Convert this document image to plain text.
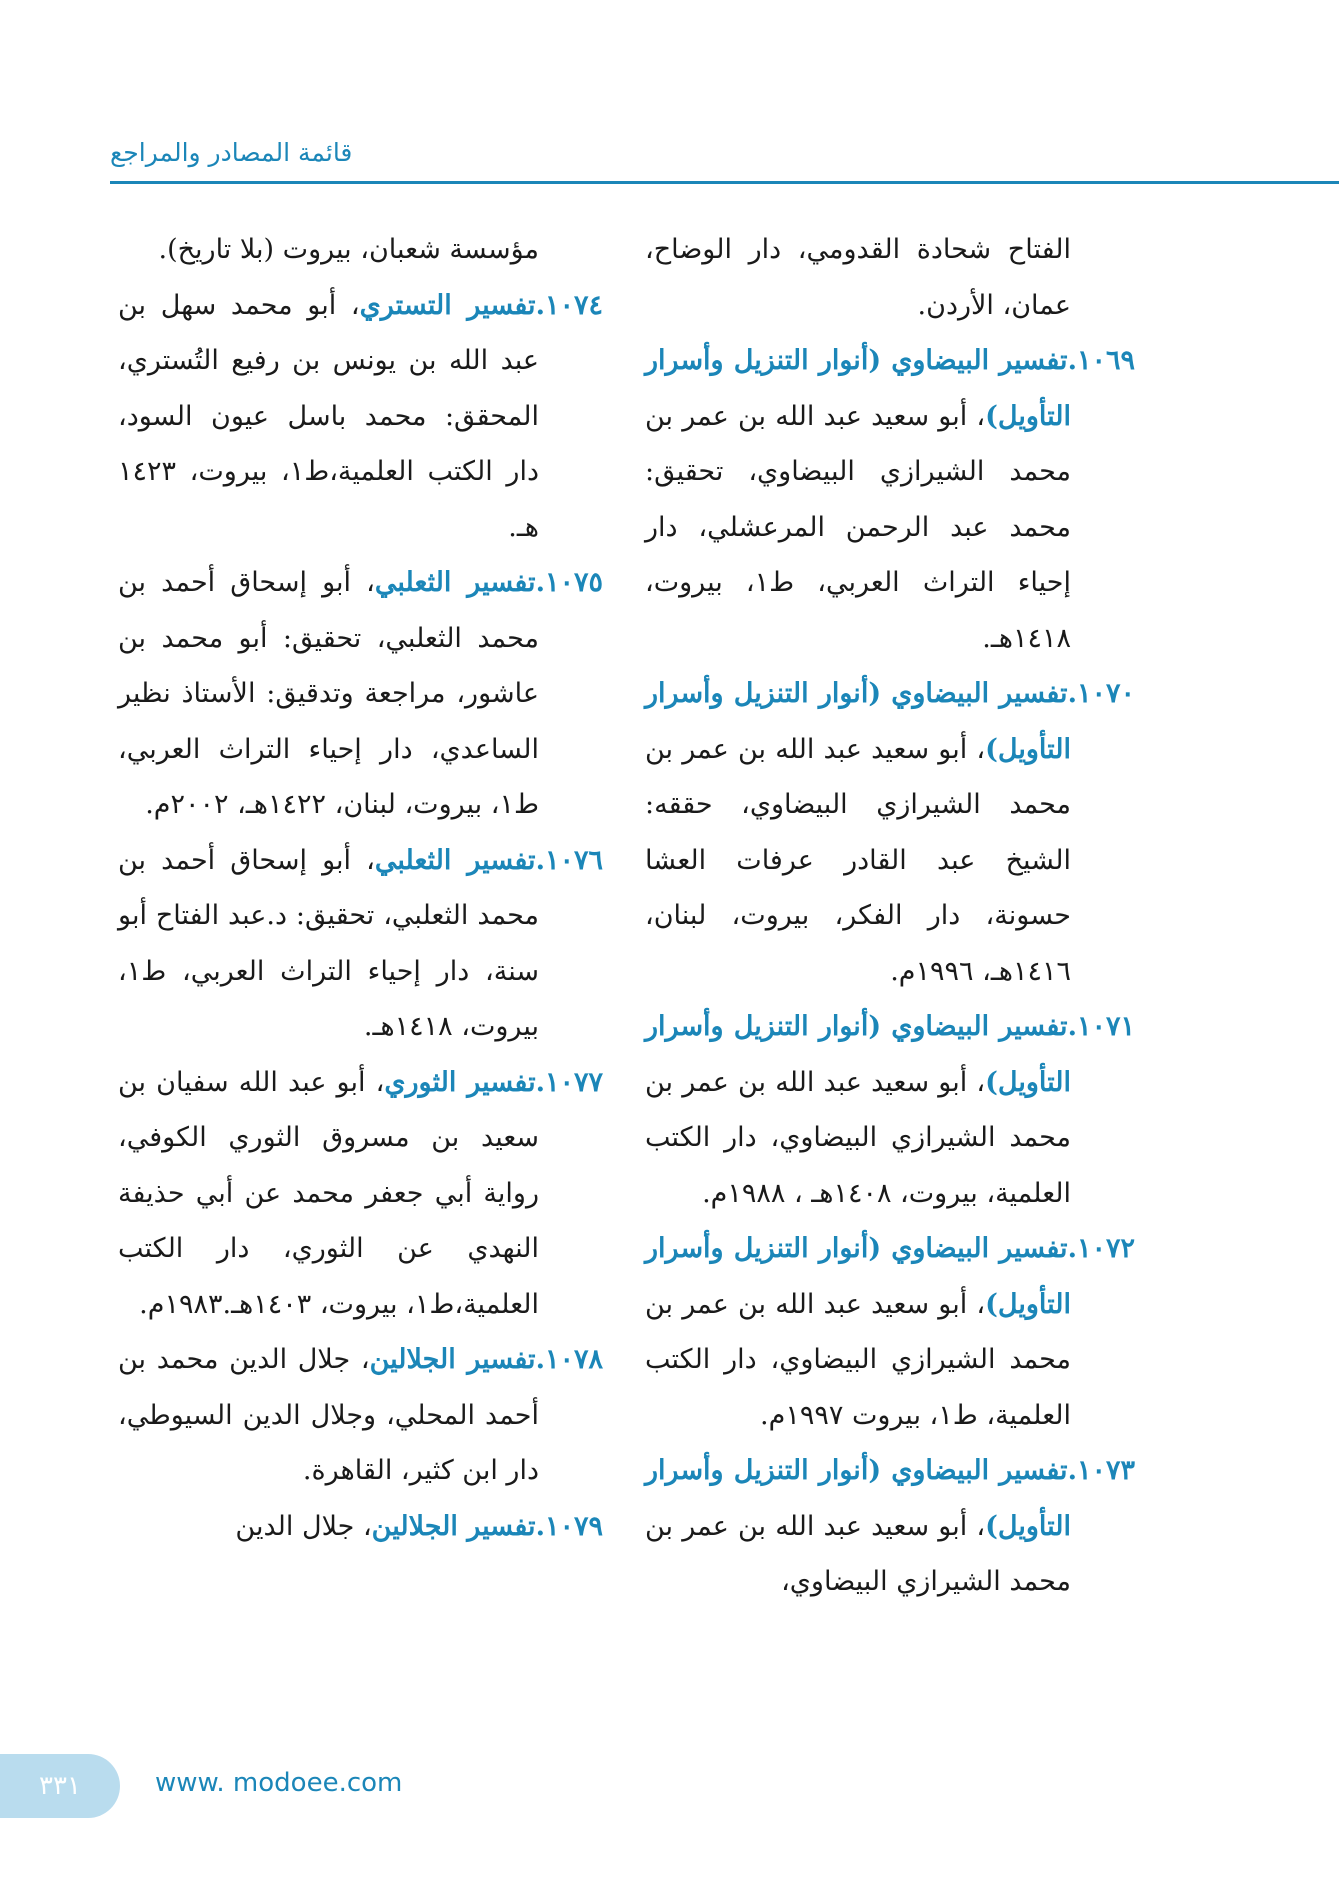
قائمة المصادر والمراجع

الفتاح شحادة القدومي، دار الوضاح، عمان، الأردن.

١٠٦٩.تفسير البيضاوي (أنوار التنزيل وأسرار التأويل)، أبو سعيد عبد الله بن عمر بن محمد الشيرازي البيضاوي، تحقيق: محمد عبد الرحمن المرعشلي، دار إحياء التراث العربي، ط١، بيروت، ١٤١٨هـ.

١٠٧٠.تفسير البيضاوي (أنوار التنزيل وأسرار التأويل)، أبو سعيد عبد الله بن عمر بن محمد الشيرازي البيضاوي، حققه: الشيخ عبد القادر عرفات العشا حسونة، دار الفكر، بيروت، لبنان، ١٤١٦هـ، ١٩٩٦م.

١٠٧١.تفسير البيضاوي (أنوار التنزيل وأسرار التأويل)، أبو سعيد عبد الله بن عمر بن محمد الشيرازي البيضاوي، دار الكتب العلمية، بيروت، ١٤٠٨هـ ، ١٩٨٨م.

١٠٧٢.تفسير البيضاوي (أنوار التنزيل وأسرار التأويل)، أبو سعيد عبد الله بن عمر بن محمد الشيرازي البيضاوي، دار الكتب العلمية، ط١، بيروت ١٩٩٧م.

١٠٧٣.تفسير البيضاوي (أنوار التنزيل وأسرار التأويل)، أبو سعيد عبد الله بن عمر بن محمد الشيرازي البيضاوي،

مؤسسة شعبان، بيروت (بلا تاريخ).

١٠٧٤.تفسير التستري، أبو محمد سهل بن عبد الله بن يونس بن رفيع التُستري، المحقق: محمد باسل عيون السود، دار الكتب العلمية،ط١، بيروت، ١٤٢٣ هـ.

١٠٧٥.تفسير الثعلبي، أبو إسحاق أحمد بن محمد الثعلبي، تحقيق: أبو محمد بن عاشور، مراجعة وتدقيق: الأستاذ نظير الساعدي، دار إحياء التراث العربي، ط١، بيروت، لبنان، ١٤٢٢هـ، ٢٠٠٢م.

١٠٧٦.تفسير الثعلبي، أبو إسحاق أحمد بن محمد الثعلبي، تحقيق: د.عبد الفتاح أبو سنة، دار إحياء التراث العربي، ط١، بيروت، ١٤١٨هـ.

١٠٧٧.تفسير الثوري، أبو عبد الله سفيان بن سعيد بن مسروق الثوري الكوفي، رواية أبي جعفر محمد عن أبي حذيفة النهدي عن الثوري، دار الكتب العلمية،ط١، بيروت، ١٤٠٣هـ.١٩٨٣م.

١٠٧٨.تفسير الجلالين، جلال الدين محمد بن أحمد المحلي، وجلال الدين السيوطي، دار ابن كثير، القاهرة.

١٠٧٩.تفسير الجلالين، جلال الدين

٣٣١	www. modoee.com
